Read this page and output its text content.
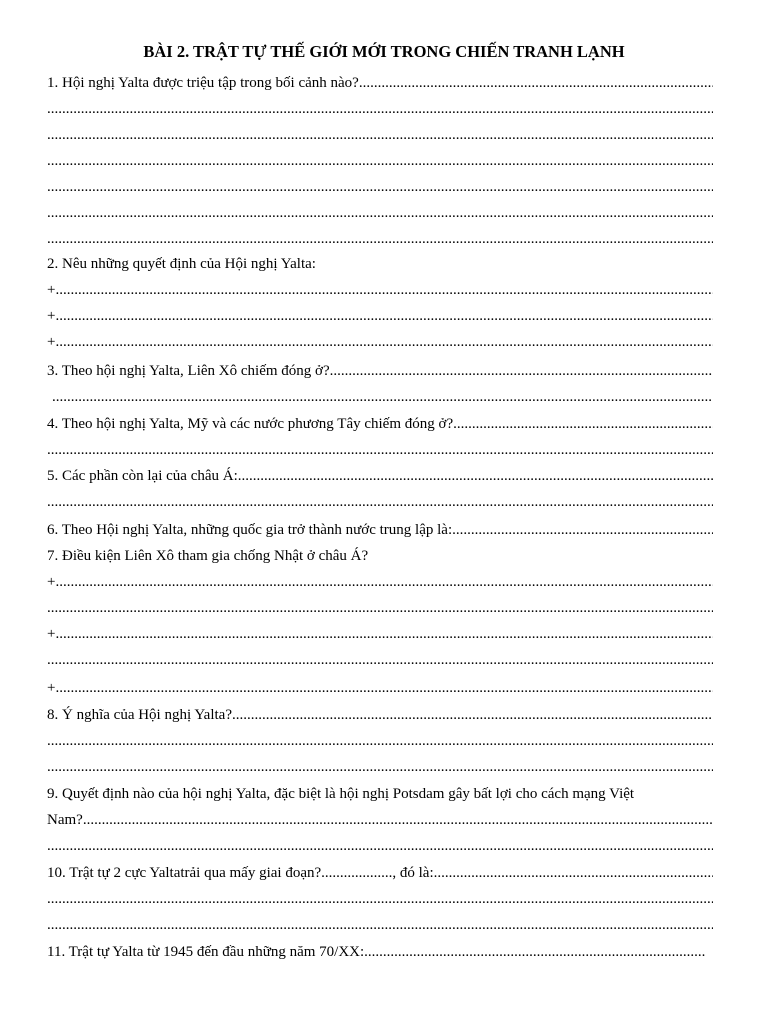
BÀI 2. TRẬT TỰ THẾ GIỚI MỚI TRONG CHIẾN TRANH LẠNH
1. Hội nghị Yalta được triệu tập trong bối cảnh nào? .....
.....
.....
.....
.....
.....
.....
2. Nêu những quyết định của Hội nghị Yalta:
+ .....
+ .....
+ .....
3. Theo hội nghị Yalta, Liên Xô chiếm đóng ở? .....
.....
4. Theo hội nghị Yalta, Mỹ và các nước phương Tây chiếm đóng ở? .....
.....
5. Các phần còn lại của châu Á: .....
.....
6. Theo Hội nghị Yalta, những quốc gia trở thành nước trung lập là: .....
7. Điều kiện Liên Xô tham gia chống Nhật ở châu Á?
+ .....
.....
+ .....
.....
+ .....
8. Ý nghĩa của Hội nghị Yalta? .....
.....
.....
9. Quyết định nào của hội nghị Yalta, đặc biệt là hội nghị Potsdam gây bất lợi cho cách mạng Việt
Nam? .....
.....
10. Trật tự 2 cực Yaltatrải qua mấy giai đoạn?..................., đó là: .....
.....
.....
11. Trật tự Yalta từ 1945 đến đầu những năm 70/XX: .....
